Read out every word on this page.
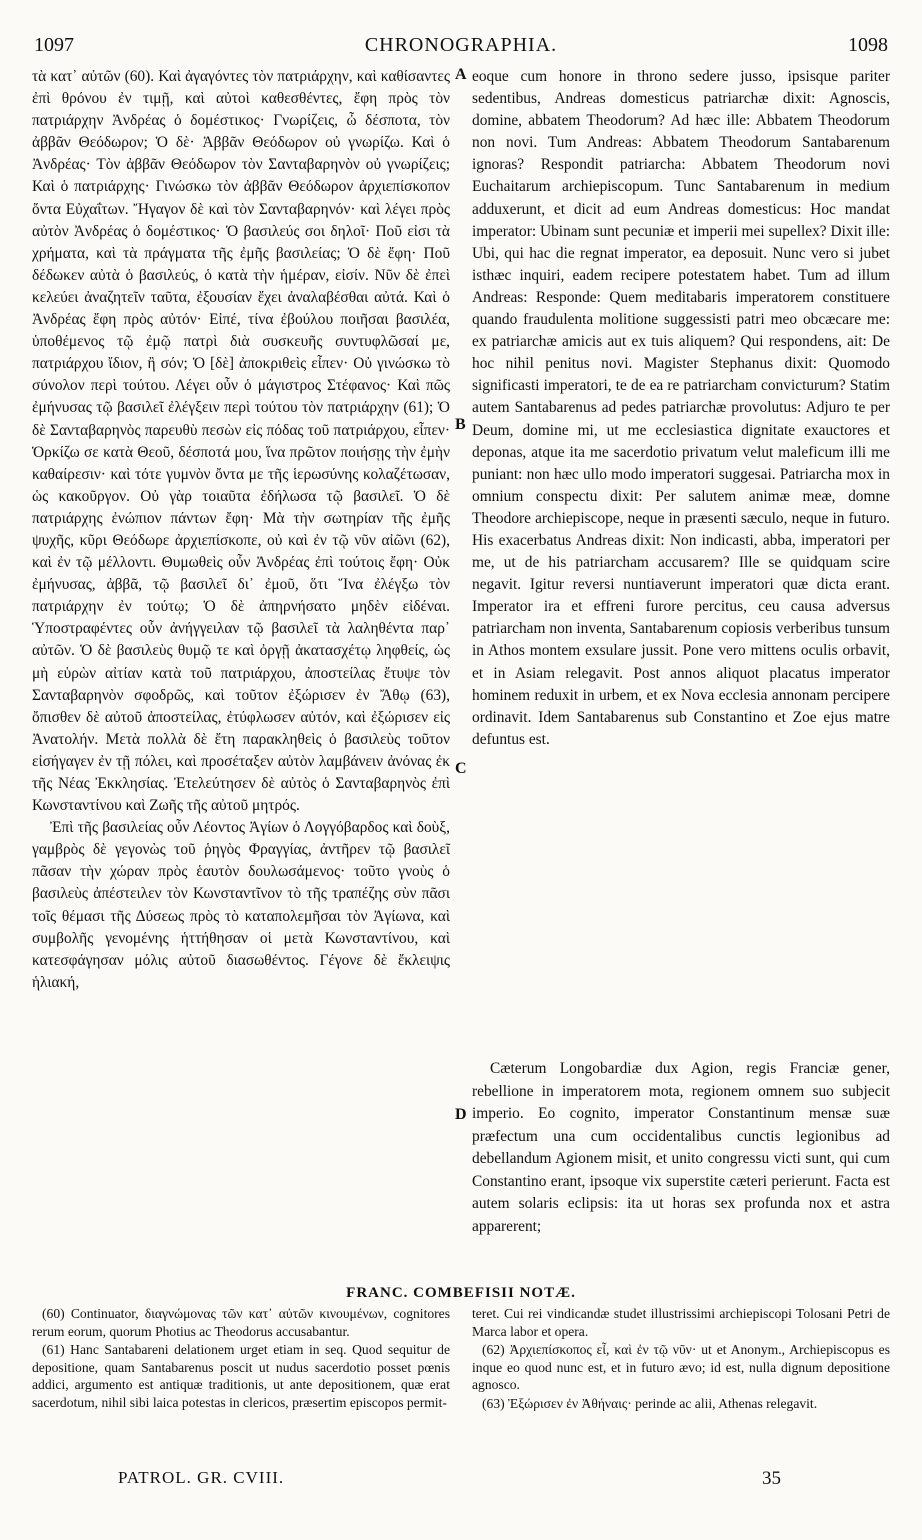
1097	CHRONOGRAPHIA.	1098

τὰ κατ᾽ αὐτῶν (60). Καὶ ἀγαγόντες τὸν πατριάρχην, καὶ καθίσαντες ἐπὶ θρόνου ἐν τιμῇ, καὶ αὐτοὶ καθεσθέντες, ἔφη πρὸς τὸν πατριάρχην Ἀνδρέας ὁ δομέστικος· Γνωρίζεις, ὦ δέσποτα, τὸν ἀββᾶν Θεόδωρον; Ὁ δὲ· Ἀββᾶν Θεόδωρον οὐ γνωρίζω. Καὶ ὁ Ἀνδρέας· Τὸν ἀββᾶν Θεόδωρον τὸν Σανταβαρηνὸν οὐ γνωρίζεις; Καὶ ὁ πατριάρχης· Γινώσκω τὸν ἀββᾶν Θεόδωρον ἀρχιεπίσκοπον ὄντα Εὐχαΐτων. Ἤγαγον δὲ καὶ τὸν Σανταβαρηνόν· καὶ λέγει πρὸς αὐτὸν Ἀνδρέας ὁ δομέστικος· Ὁ βασιλεύς σοι δηλοῖ· Ποῦ εἰσι τὰ χρήματα, καὶ τὰ πράγματα τῆς ἐμῆς βασιλείας; Ὁ δὲ ἔφη· Ποῦ δέδωκεν αὐτὰ ὁ βασιλεύς, ὁ κατὰ τὴν ἡμέραν, εἰσίν. Νῦν δὲ ἐπεὶ κελεύει ἀναζητεῖν ταῦτα, ἐξουσίαν ἔχει ἀναλαβέσθαι αὐτά. Καὶ ὁ Ἀνδρέας ἔφη πρὸς αὐτόν· Εἰπέ, τίνα ἐβούλου ποιῆσαι βασιλέα, ὑποθέμενος τῷ ἐμῷ πατρὶ διὰ συσκευῆς συντυφλῶσαί με, πατριάρχου ἴδιον, ἢ σόν; Ὁ [δὲ] ἀποκριθεὶς εἶπεν· Οὐ γινώσκω τὸ σύνολον περὶ τούτου. Λέγει οὖν ὁ μάγιστρος Στέφανος· Καὶ πῶς ἐμήνυσας τῷ βασιλεῖ ἐλέγξειν περὶ τούτου τὸν πατριάρχην (61); Ὁ δὲ Σανταβαρηνὸς παρευθὺ πεσὼν εἰς πόδας τοῦ πατριάρχου, εἶπεν· Ὁρκίζω σε κατὰ Θεοῦ, δέσποτά μου, ἵνα πρῶτον ποιήσῃς τὴν ἐμὴν καθαίρεσιν· καὶ τότε γυμνὸν ὄντα με τῆς ἱερωσύνης κολαζέτωσαν, ὡς κακοῦργον. Οὐ γὰρ τοιαῦτα ἐδήλωσα τῷ βασιλεῖ. Ὁ δὲ πατριάρχης ἐνώπιον πάντων ἔφη· Μὰ τὴν σωτηρίαν τῆς ἐμῆς ψυχῆς, κῦρι Θεόδωρε ἀρχιεπίσκοπε, οὐ καὶ ἐν τῷ νῦν αἰῶνι (62), καὶ ἐν τῷ μέλλοντι. Θυμωθεὶς οὖν Ἀνδρέας ἐπὶ τούτοις ἔφη· Οὐκ ἐμήνυσας, ἀββᾶ, τῷ βασιλεῖ δι᾽ ἐμοῦ, ὅτι Ἵνα ἐλέγξω τὸν πατριάρχην ἐν τούτῳ; Ὁ δὲ ἀπηρνήσατο μηδὲν εἰδέναι. Ὑποστραφέντες οὖν ἀνήγγειλαν τῷ βασιλεῖ τὰ λαληθέντα παρ᾽ αὐτῶν. Ὁ δὲ βασιλεὺς θυμῷ τε καὶ ὀργῇ ἀκατασχέτῳ ληφθείς, ὡς μὴ εὑρὼν αἰτίαν κατὰ τοῦ πατριάρχου, ἀποστείλας ἔτυψε τὸν Σανταβαρηνὸν σφοδρῶς, καὶ τοῦτον ἐξώρισεν ἐν Ἄθῳ (63), ὄπισθεν δὲ αὐτοῦ ἀποστείλας, ἐτύφλωσεν αὐτόν, καὶ ἐξώρισεν εἰς Ἀνατολήν. Μετὰ πολλὰ δὲ ἔτη παρακληθεὶς ὁ βασιλεὺς τοῦτον εἰσήγαγεν ἐν τῇ πόλει, καὶ προσέταξεν αὐτὸν λαμβάνειν ἀνόνας ἐκ τῆς Νέας Ἐκκλησίας. Ἐτελεύτησεν δὲ αὐτὸς ὁ Σανταβαρηνὸς ἐπὶ Κωνσταντίνου καὶ Ζωῆς τῆς αὐτοῦ μητρός.

Ἐπὶ τῆς βασιλείας οὖν Λέοντος Ἀγίων ὁ Λογγόβαρδος καὶ δοὺξ, γαμβρὸς δὲ γεγονὼς τοῦ ῥηγὸς Φραγγίας, ἀντῆρεν τῷ βασιλεῖ πᾶσαν τὴν χώραν πρὸς ἑαυτὸν δουλωσάμενος· τοῦτο γνοὺς ὁ βασιλεὺς ἀπέστειλεν τὸν Κωνσταντῖνον τὸ τῆς τραπέζης σὺν πᾶσι τοῖς θέμασι τῆς Δύσεως πρὸς τὸ καταπολεμῆσαι τὸν Ἀγίωνα, καὶ συμβολῆς γενομένης ἡττήθησαν οἱ μετὰ Κωνσταντίνου, καὶ κατεσφάγησαν μόλις αὐτοῦ διασωθέντος. Γέγονε δὲ ἔκλειψις ἡλιακή,

eoque cum honore in throno sedere jusso, ipsisque pariter sedentibus, Andreas domesticus patriarchæ dixit: Agnoscis, domine, abbatem Theodorum? Ad hæc ille: Abbatem Theodorum non novi. Tum Andreas: Abbatem Theodorum Santabarenum ignoras? Respondit patriarcha: Abbatem Theodorum novi Euchaitarum archiepiscopum. Tunc Santabarenum in medium adduxerunt, et dicit ad eum Andreas domesticus: Hoc mandat imperator: Ubinam sunt pecuniæ et imperii mei supellex? Dixit ille: Ubi, qui hac die regnat imperator, ea deposuit. Nunc vero si jubet isthæc inquiri, eadem recipere potestatem habet. Tum ad illum Andreas: Responde: Quem meditabaris imperatorem constituere quando fraudulenta molitione suggessisti patri meo obcæcare me: ex patriarchæ amicis aut ex tuis aliquem? Qui respondens, ait: De hoc nihil penitus novi. Magister Stephanus dixit: Quomodo significasti imperatori, te de ea re patriarcham convicturum? Statim autem Santabarenus ad pedes patriarchæ provolutus: Adjuro te per Deum, domine mi, ut me ecclesiastica dignitate exauctores et deponas, atque ita me sacerdotio privatum velut maleficum illi me puniant: non hæc ullo modo imperatori suggesai. Patriarcha mox in omnium conspectu dixit: Per salutem animæ meæ, domne Theodore archiepiscope, neque in præsenti sæculo, neque in futuro. His exacerbatus Andreas dixit: Non indicasti, abba, imperatori per me, ut de his patriarcham accusarem? Ille se quidquam scire negavit. Igitur reversi nuntiaverunt imperatori quæ dicta erant. Imperator ira et effreni furore percitus, ceu causa adversus patriarcham non inventa, Santabarenum copiosis verberibus tunsum in Athos montem exsulare jussit. Pone vero mittens oculis orbavit, et in Asiam relegavit. Post annos aliquot placatus imperator hominem reduxit in urbem, et ex Nova ecclesia annonam percipere ordinavit. Idem Santabarenus sub Constantino et Zoe ejus matre defuntus est.

Cæterum Longobardiæ dux Agion, regis Franciæ gener, rebellione in imperatorem mota, regionem omnem suo subjecit imperio. Eo cognito, imperator Constantinum mensæ suæ præfectum una cum occidentalibus cunctis legionibus ad debellandum Agionem misit, et unito congressu victi sunt, qui cum Constantino erant, ipsoque vix superstite cæteri perierunt. Facta est autem solaris eclipsis: ita ut horas sex profunda nox et astra apparerent;

A
B
C
D
FRANC. COMBEFISII NOTÆ.

(60) Continuator, διαγνώμονας τῶν κατ᾽ αὐτῶν κινουμένων, cognitores rerum eorum, quorum Photius ac Theodorus accusabantur.

(61) Hanc Santabareni delationem urget etiam in seq. Quod sequitur de depositione, quam Santabarenus poscit ut nudus sacerdotio posset pœnis addici, argumento est antiquæ traditionis, ut ante depositionem, quæ erat sacerdotum, nihil sibi laica potestas in clericos, præsertim episcopos permit-

teret. Cui rei vindicandæ studet illustrissimi archiepiscopi Tolosani Petri de Marca labor et opera.

(62) Ἀρχιεπίσκοπος εἶ, καὶ ἐν τῷ νῦν· ut et Anonym., Archiepiscopus es inque eo quod nunc est, et in futuro ævo; id est, nulla dignum depositione agnosco.

(63) Ἐξώρισεν ἐν Ἀθήναις· perinde ac alii, Athenas relegavit.

PATROL. GR. CVIII.	35
